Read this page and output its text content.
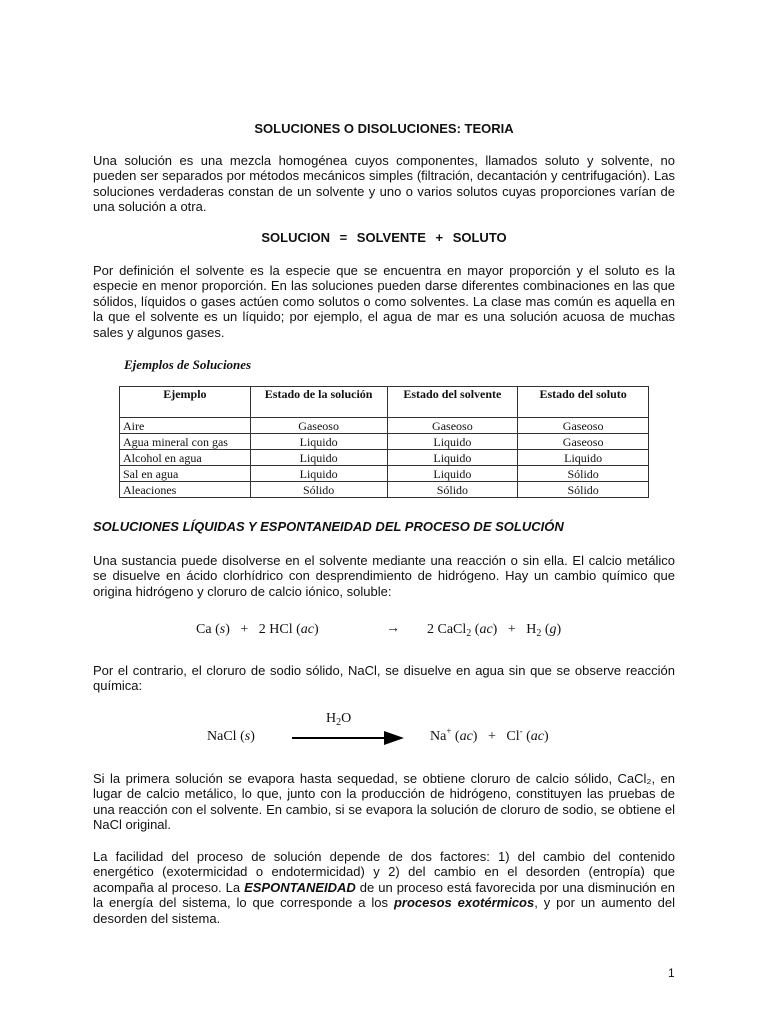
SOLUCIONES O DISOLUCIONES: TEORIA

Una solución es una mezcla homogénea cuyos componentes, llamados soluto y solvente, no pueden ser separados por métodos mecánicos simples (filtración, decantación y centrifugación). Las soluciones verdaderas constan de un solvente y uno o varios solutos cuyas proporciones varían de una solución a otra.

SOLUCION = SOLVENTE + SOLUTO

Por definición el solvente es la especie que se encuentra en mayor proporción y el soluto es la especie en menor proporción. En las soluciones pueden darse diferentes combinaciones en las que sólidos, líquidos o gases actúen como solutos o como solventes. La clase mas común es aquella en la que el solvente es un líquido; por ejemplo, el agua de mar es una solución acuosa de muchas sales y algunos gases.

Ejemplos de Soluciones
Ejemplo	Estado de la solución	Estado del solvente	Estado del soluto
Aire	Gaseoso	Gaseoso	Gaseoso
Agua mineral con gas	Liquido	Liquido	Gaseoso
Alcohol en agua	Liquido	Liquido	Liquido
Sal en agua	Liquido	Liquido	Sólido
Aleaciones	Sólido	Sólido	Sólido
SOLUCIONES LÍQUIDAS Y ESPONTANEIDAD DEL PROCESO DE SOLUCIÓN

Una sustancia puede disolverse en el solvente mediante una reacción o sin ella. El calcio metálico se disuelve en ácido clorhídrico con desprendimiento de hidrógeno. Hay un cambio químico que origina hidrógeno y cloruro de calcio iónico, soluble:

Ca (s)   + 2 HCl (ac)	→ 2 CaCl$_2$ $(ac) + H_2$ (g)

Por el contrario, el cloruro de sodio sólido, NaCl, se disuelve en agua sin que se observe reacción química:

$H_2O$
NaCl (s)	Na+ (ac)   + Cl- (ac)

Si la primera solución se evapora hasta sequedad, se obtiene cloruro de calcio sólido, CaCl₂, en lugar de calcio metálico, lo que, junto con la producción de hidrógeno, constituyen las pruebas de una reacción con el solvente. En cambio, si se evapora la solución de cloruro de sodio, se obtiene el NaCl original.

La facilidad del proceso de solución depende de dos factores: 1) del cambio del contenido energético (exotermicidad o endotermicidad) y 2) del cambio en el desorden (entropía) que acompaña al proceso. La ESPONTANEIDAD de un proceso está favorecida por una disminución en la energía del sistema, lo que corresponde a los procesos exotérmicos, y por un aumento del desorden del sistema.

1
